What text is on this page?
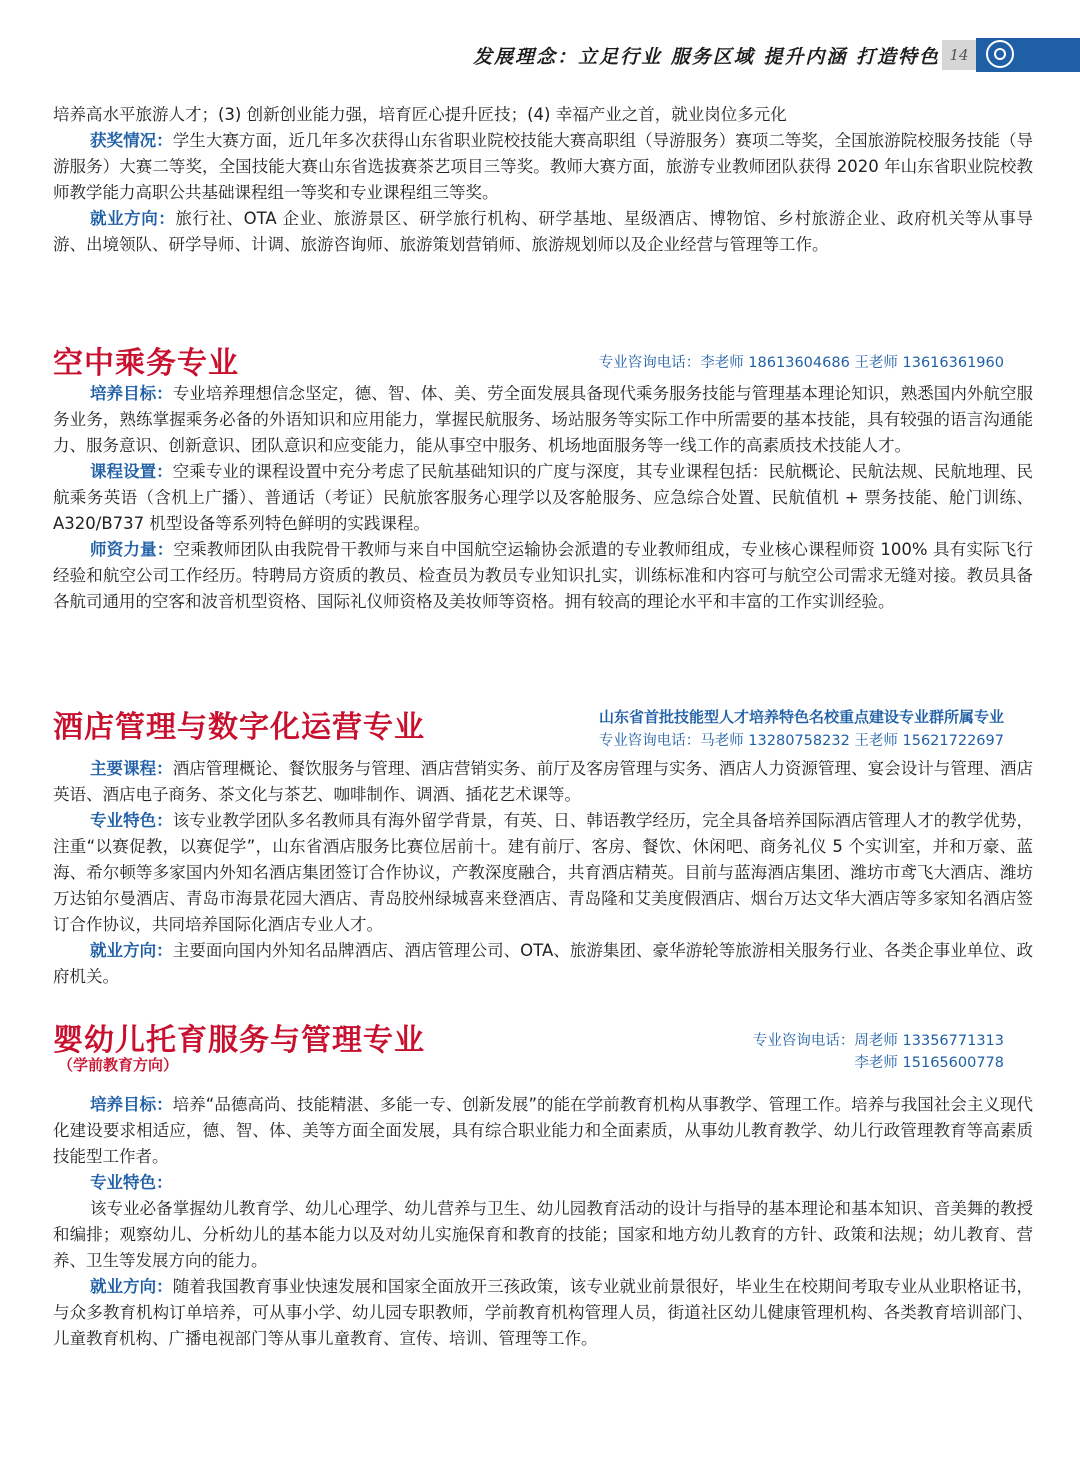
发展理念：立足行业 服务区域 提升内涵 打造特色 14

培养高水平旅游人才；(3) 创新创业能力强，培育匠心提升匠技；(4) 幸福产业之首，就业岗位多元化

获奖情况：学生大赛方面，近几年多次获得山东省职业院校技能大赛高职组（导游服务）赛项二等奖，全国旅游院校服务技能（导游服务）大赛二等奖，全国技能大赛山东省选拔赛茶艺项目三等奖。教师大赛方面，旅游专业教师团队获得 2020 年山东省职业院校教师教学能力高职公共基础课程组一等奖和专业课程组三等奖。

就业方向：旅行社、OTA 企业、旅游景区、研学旅行机构、研学基地、星级酒店、博物馆、乡村旅游企业、政府机关等从事导游、出境领队、研学导师、计调、旅游咨询师、旅游策划营销师、旅游规划师以及企业经营与管理等工作。

空中乘务专业	专业咨询电话：李老师 18613604686 王老师 13616361960

培养目标：专业培养理想信念坚定，德、智、体、美、劳全面发展具备现代乘务服务技能与管理基本理论知识，熟悉国内外航空服务业务，熟练掌握乘务必备的外语知识和应用能力，掌握民航服务、场站服务等实际工作中所需要的基本技能，具有较强的语言沟通能力、服务意识、创新意识、团队意识和应变能力，能从事空中服务、机场地面服务等一线工作的高素质技术技能人才。

课程设置：空乘专业的课程设置中充分考虑了民航基础知识的广度与深度，其专业课程包括：民航概论、民航法规、民航地理、民航乘务英语（含机上广播）、普通话（考证）民航旅客服务心理学以及客舱服务、应急综合处置、民航值机 + 票务技能、舱门训练、A320/B737 机型设备等系列特色鲜明的实践课程。

师资力量：空乘教师团队由我院骨干教师与来自中国航空运输协会派遣的专业教师组成，专业核心课程师资 100% 具有实际飞行经验和航空公司工作经历。特聘局方资质的教员、检查员为教员专业知识扎实，训练标准和内容可与航空公司需求无缝对接。教员具备各航司通用的空客和波音机型资格、国际礼仪师资格及美妆师等资格。拥有较高的理论水平和丰富的工作实训经验。

酒店管理与数字化运营专业	山东省首批技能型人才培养特色名校重点建设专业群所属专业
专业咨询电话：马老师 13280758232 王老师 15621722697

主要课程：酒店管理概论、餐饮服务与管理、酒店营销实务、前厅及客房管理与实务、酒店人力资源管理、宴会设计与管理、酒店英语、酒店电子商务、茶文化与茶艺、咖啡制作、调酒、插花艺术课等。

专业特色：该专业教学团队多名教师具有海外留学背景，有英、日、韩语教学经历，完全具备培养国际酒店管理人才的教学优势，注重“以赛促教，以赛促学”，山东省酒店服务比赛位居前十。建有前厅、客房、餐饮、休闲吧、商务礼仪 5 个实训室，并和万豪、蓝海、希尔顿等多家国内外知名酒店集团签订合作协议，产教深度融合，共育酒店精英。目前与蓝海酒店集团、潍坊市鸢飞大酒店、潍坊万达铂尔曼酒店、青岛市海景花园大酒店、青岛胶州绿城喜来登酒店、青岛隆和艾美度假酒店、烟台万达文华大酒店等多家知名酒店签订合作协议，共同培养国际化酒店专业人才。

就业方向：主要面向国内外知名品牌酒店、酒店管理公司、OTA、旅游集团、豪华游轮等旅游相关服务行业、各类企事业单位、政府机关。

婴幼儿托育服务与管理专业
（学前教育方向）
专业咨询电话：周老师 13356771313
李老师 15165600778

培养目标：培养“品德高尚、技能精湛、多能一专、创新发展”的能在学前教育机构从事教学、管理工作。培养与我国社会主义现代化建设要求相适应，德、智、体、美等方面全面发展，具有综合职业能力和全面素质，从事幼儿教育教学、幼儿行政管理教育等高素质技能型工作者。

专业特色：

该专业必备掌握幼儿教育学、幼儿心理学、幼儿营养与卫生、幼儿园教育活动的设计与指导的基本理论和基本知识、音美舞的教授和编排；观察幼儿、分析幼儿的基本能力以及对幼儿实施保育和教育的技能；国家和地方幼儿教育的方针、政策和法规；幼儿教育、营养、卫生等发展方向的能力。

就业方向：随着我国教育事业快速发展和国家全面放开三孩政策，该专业就业前景很好，毕业生在校期间考取专业从业职格证书，与众多教育机构订单培养，可从事小学、幼儿园专职教师，学前教育机构管理人员，街道社区幼儿健康管理机构、各类教育培训部门、儿童教育机构、广播电视部门等从事儿童教育、宣传、培训、管理等工作。
